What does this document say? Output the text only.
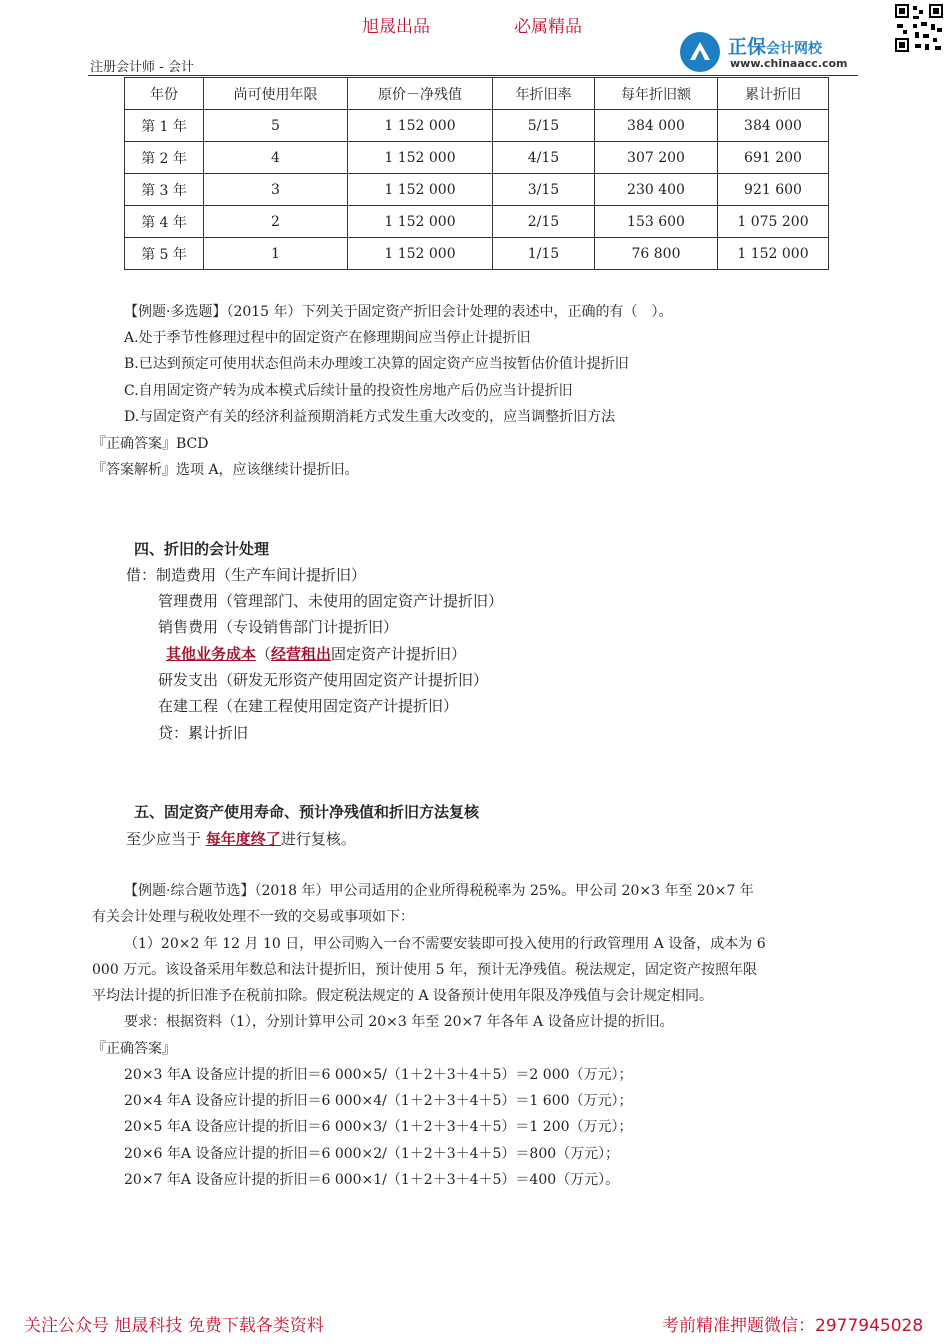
旭晟出品	必属精品
注册会计师 - 会计
正保会计网校
www.chinaacc.com
年份	尚可使用年限	原价－净残值	年折旧率	每年折旧额	累计折旧
第 1 年	5	1 152 000	5/15	384 000	384 000
第 2 年	4	1 152 000	4/15	307 200	691 200
第 3 年	3	1 152 000	3/15	230 400	921 600
第 4 年	2	1 152 000	2/15	153 600	1 075 200
第 5 年	1	1 152 000	1/15	76 800	1 152 000
【例题·多选题】（2015 年）下列关于固定资产折旧会计处理的表述中，正确的有（　）。
A.处于季节性修理过程中的固定资产在修理期间应当停止计提折旧
B.已达到预定可使用状态但尚未办理竣工决算的固定资产应当按暂估价值计提折旧
C.自用固定资产转为成本模式后续计量的投资性房地产后仍应当计提折旧
D.与固定资产有关的经济利益预期消耗方式发生重大改变的，应当调整折旧方法
『正确答案』BCD
『答案解析』选项 A，应该继续计提折旧。
四、折旧的会计处理
借：制造费用（生产车间计提折旧）
管理费用（管理部门、未使用的固定资产计提折旧）
销售费用（专设销售部门计提折旧）
其他业务成本（经营租出固定资产计提折旧）
研发支出（研发无形资产使用固定资产计提折旧）
在建工程（在建工程使用固定资产计提折旧）
贷：累计折旧
五、固定资产使用寿命、预计净残值和折旧方法复核
至少应当于 每年度终了进行复核。
【例题·综合题节选】（2018 年）甲公司适用的企业所得税税率为 25%。甲公司 20×3 年至 20×7 年
有关会计处理与税收处理不一致的交易或事项如下：
（1）20×2 年 12 月 10 日，甲公司购入一台不需要安装即可投入使用的行政管理用 A 设备，成本为 6
000 万元。该设备采用年数总和法计提折旧，预计使用 5 年，预计无净残值。税法规定，固定资产按照年限
平均法计提的折旧准予在税前扣除。假定税法规定的 A 设备预计使用年限及净残值与会计规定相同。
要求：根据资料（1），分别计算甲公司 20×3 年至 20×7 年各年 A 设备应计提的折旧。
『正确答案』
20×3 年A 设备应计提的折旧＝6 000×5/（1＋2＋3＋4＋5）＝2 000（万元）；
20×4 年A 设备应计提的折旧＝6 000×4/（1＋2＋3＋4＋5）＝1 600（万元）；
20×5 年A 设备应计提的折旧＝6 000×3/（1＋2＋3＋4＋5）＝1 200（万元）；
20×6 年A 设备应计提的折旧＝6 000×2/（1＋2＋3＋4＋5）＝800（万元）；
20×7 年A 设备应计提的折旧＝6 000×1/（1＋2＋3＋4＋5）＝400（万元）。
关注公众号 旭晟科技 免费下载各类资料	考前精准押题微信：2977945028
